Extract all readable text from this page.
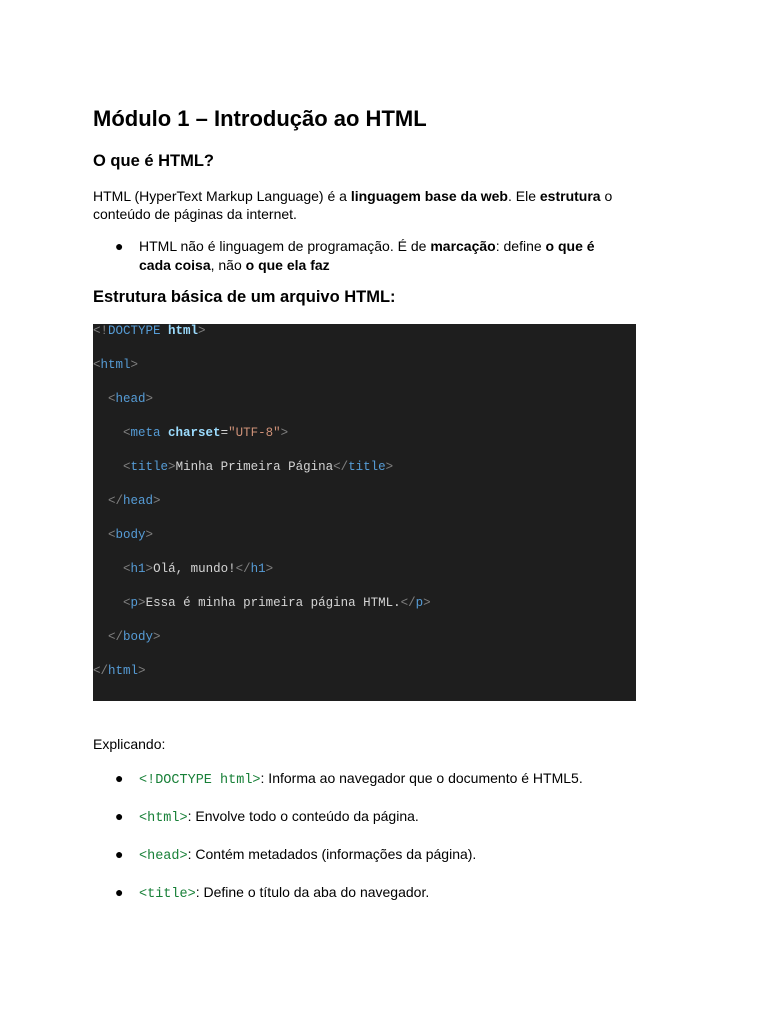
Módulo 1 – Introdução ao HTML
O que é HTML?

HTML (HyperText Markup Language) é a linguagem base da web. Ele estrutura o conteúdo de páginas da internet.

● HTML não é linguagem de programação. É de marcação: define o que é cada coisa, não o que ela faz
Estrutura básica de um arquivo HTML:
<!DOCTYPE html>
<html>
<head>
<meta charset="UTF-8">
<title>Minha Primeira Página</title>
</head>
<body>
<h1>Olá, mundo!</h1>
<p>Essa é minha primeira página HTML.</p>
</body>
</html>

Explicando:

● <!DOCTYPE html>: Informa ao navegador que o documento é HTML5.
● <html>: Envolve todo o conteúdo da página.
● <head>: Contém metadados (informações da página).
● <title>: Define o título da aba do navegador.
